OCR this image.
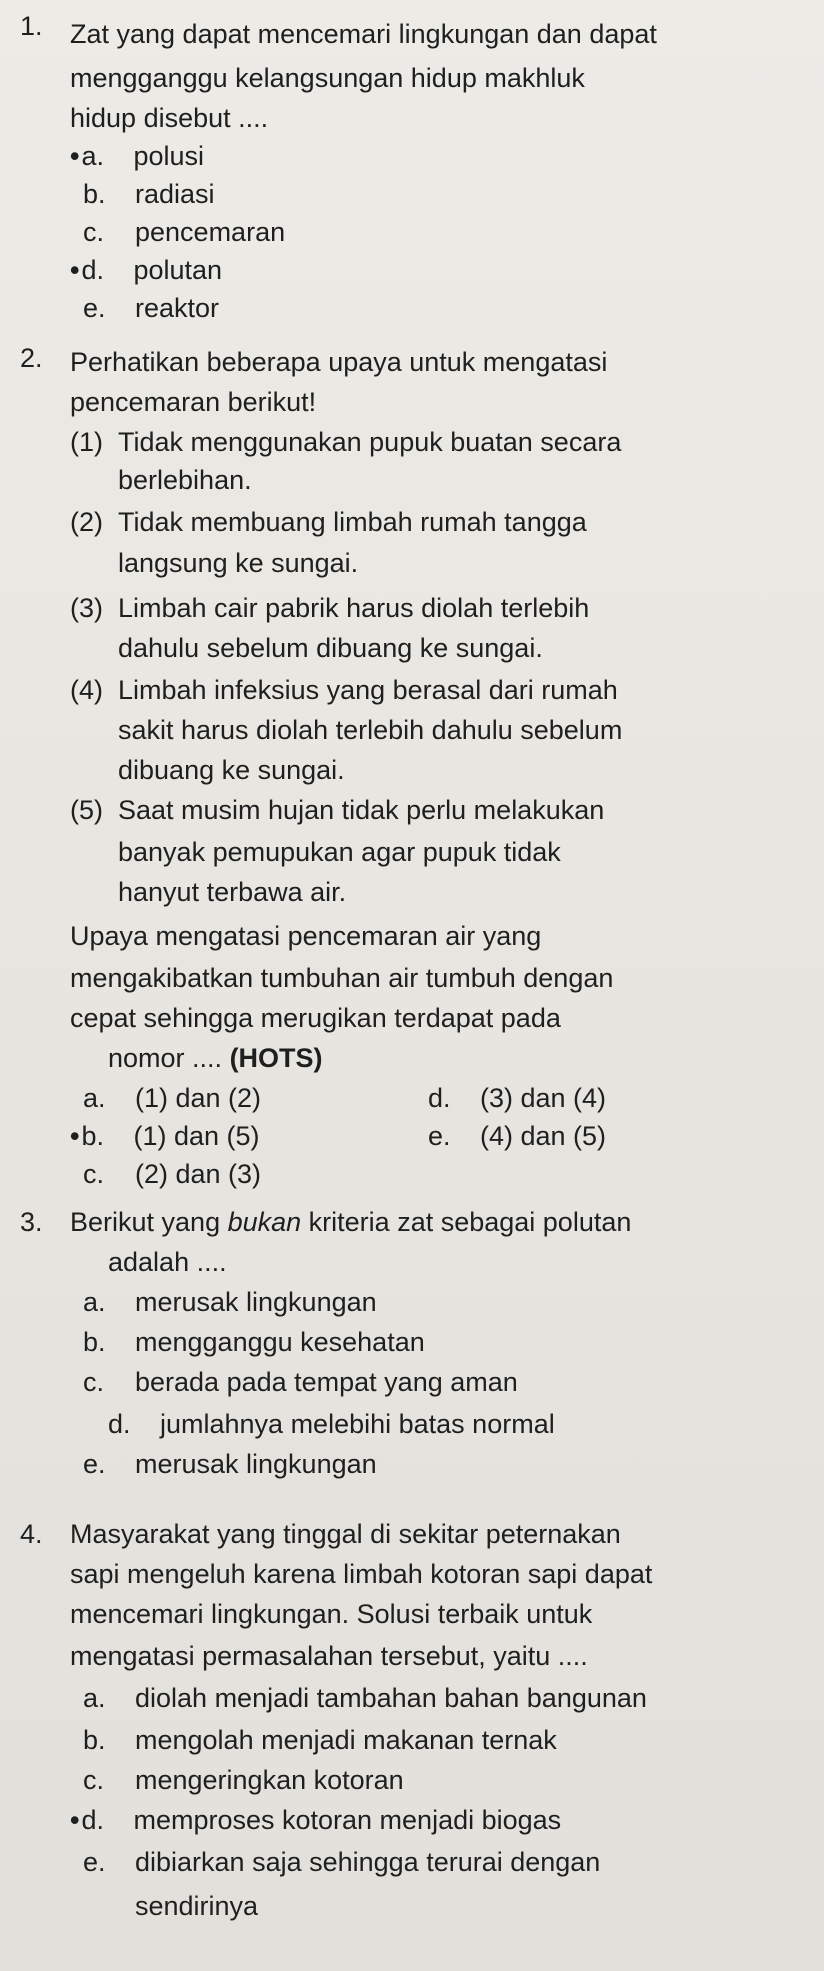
1. Zat yang dapat mencemari lingkungan dan dapat
mengganggu kelangsungan hidup makhluk
hidup disebut ....
•a. polusi
b. radiasi
c. pencemaran
•d. polutan
e. reaktor
2. Perhatikan beberapa upaya untuk mengatasi
pencemaran berikut!
(1) Tidak menggunakan pupuk buatan secara
berlebihan.
(2) Tidak membuang limbah rumah tangga
langsung ke sungai.
(3) Limbah cair pabrik harus diolah terlebih
dahulu sebelum dibuang ke sungai.
(4) Limbah infeksius yang berasal dari rumah
sakit harus diolah terlebih dahulu sebelum
dibuang ke sungai.
(5) Saat musim hujan tidak perlu melakukan
banyak pemupukan agar pupuk tidak
hanyut terbawa air.
Upaya mengatasi pencemaran air yang
mengakibatkan tumbuhan air tumbuh dengan
cepat sehingga merugikan terdapat pada
nomor .... (HOTS)
a. (1) dan (2)	d. (3) dan (4)
•b. (1) dan (5)	e. (4) dan (5)
c. (2) dan (3)
3. Berikut yang bukan kriteria zat sebagai polutan
adalah ....
a. merusak lingkungan
b. mengganggu kesehatan
c. berada pada tempat yang aman
d. jumlahnya melebihi batas normal
e. merusak lingkungan
4. Masyarakat yang tinggal di sekitar peternakan
sapi mengeluh karena limbah kotoran sapi dapat
mencemari lingkungan. Solusi terbaik untuk
mengatasi permasalahan tersebut, yaitu ....
a. diolah menjadi tambahan bahan bangunan
b. mengolah menjadi makanan ternak
c. mengeringkan kotoran
•d. memproses kotoran menjadi biogas
e. dibiarkan saja sehingga terurai dengan
sendirinya
